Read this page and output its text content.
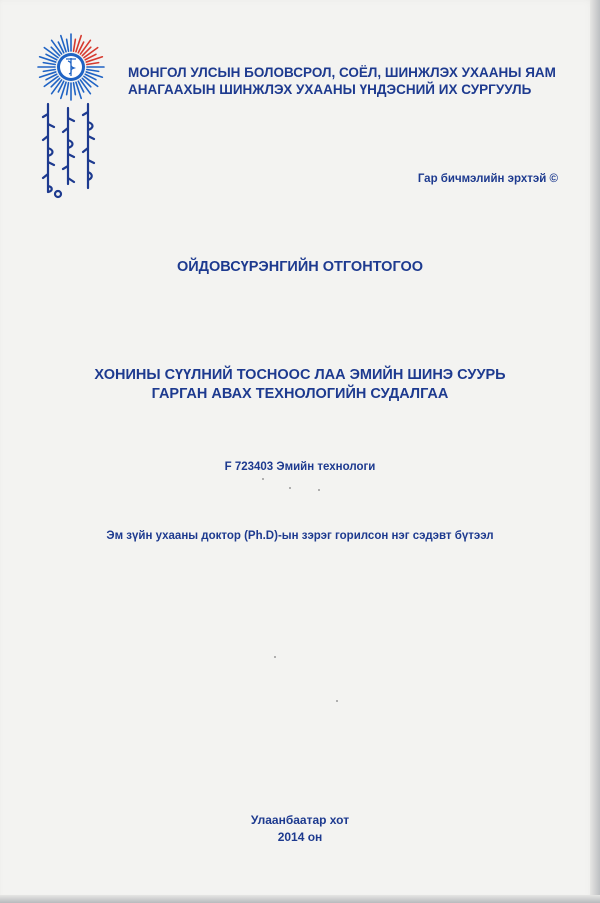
МОНГОЛ УЛСЫН БОЛОВСРОЛ, СОЁЛ, ШИНЖЛЭХ УХААНЫ ЯАМ
АНАГААХЫН ШИНЖЛЭХ УХААНЫ ҮНДЭСНИЙ ИХ СУРГУУЛЬ
Гар бичмэлийн эрхтэй ©
ОЙДОВСҮРЭНГИЙН ОТГОНТОГОО
ХОНИНЫ СҮҮЛНИЙ ТОСНООС ЛАА ЭМИЙН ШИНЭ СУУРЬ
ГАРГАН АВАХ ТЕХНОЛОГИЙН СУДАЛГАА
F 723403 Эмийн технологи
Эм зүйн ухааны доктор (Ph.D)-ын зэрэг горилсон нэг сэдэвт бүтээл
Улаанбаатар хот
2014 он
